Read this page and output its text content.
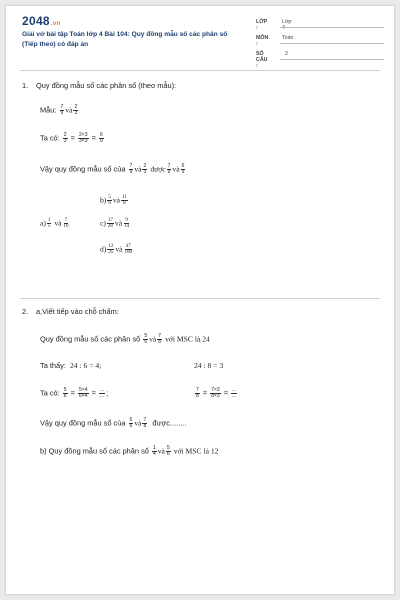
2048.vn
Giải vở bài tập Toán lớp 4 Bài 104: Quy đồng mẫu số các phân số (Tiếp theo) có đáp án
LỚP :
Lớp 4
MÔN :
Toán
SỐ CÂU :
2
1. Quy đồng mẫu số các phân số (theo mẫu):
Mẫu: $\frac{7}{9}$ và $\frac{2}{3}$
Ta có: $\frac{2}{3} = \frac{2\times 3}{3\times 3} = \frac{6}{9}$
Vậy quy đồng mẫu số của $\frac{7}{9}$ và $\frac{2}{3}$ được $\frac{7}{9}$ và $\frac{6}{9}$
$b) \frac{5}{6}$ và $\frac{11}{8}$
$a) \frac{1}{5}$ và $\frac{7}{10}$	$c) \frac{17}{28}$ và $\frac{9}{14}$
$d) \frac{12}{25}$ và $\frac{47}{100}$
2. a,Viết tiếp vào chỗ chấm:
Quy đồng mẫu số các phân số $\frac{5}{6}$ và $\frac{7}{8}$ với MSC là 24
Ta thấy: 24 : 6 = 4;	24 : 8 = 3
Ta có: $\frac{5}{6} = \frac{5\times 4}{6\times 4}$ = ...
... ;	$\frac{7}{8} = \frac{7\times 3}{8\times 3}$ = ...
...
Vậy quy đồng mẫu số của $\frac{5}{6}$ và $\frac{7}{8}$ được........
b) Quy đồng mẫu số các phân số $\frac{1}{4}$ và $\frac{5}{6}$ với MSC là 12
